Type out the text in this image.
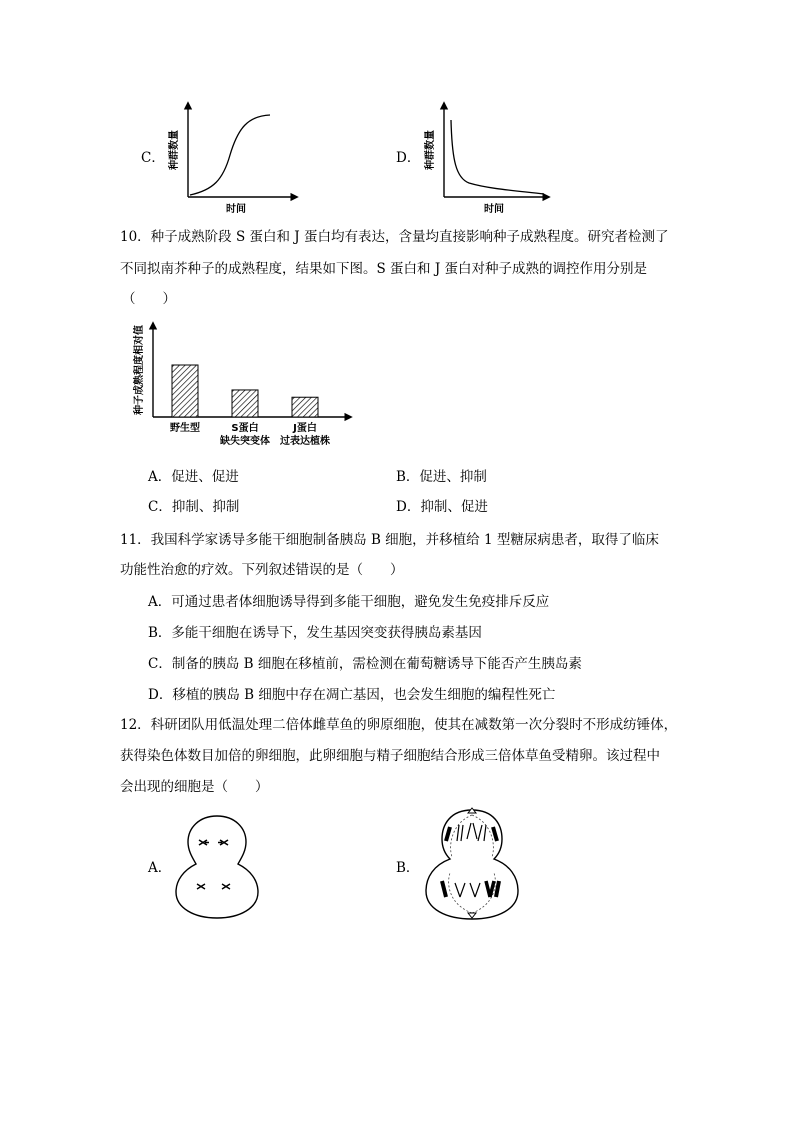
C． 种群数量
时间
D． 种群数量
时间
10．种子成熟阶段 S 蛋白和 J 蛋白均有表达，含量均直接影响种子成熟程度。研究者检测了
不同拟南芥种子的成熟程度，结果如下图。S 蛋白和 J 蛋白对种子成熟的调控作用分别是
（　　）
种子成熟程度相对值
野生型	S蛋白
缺失突变体
J蛋白
过表达植株
A．促进、促进	B．促进、抑制
C．抑制、抑制	D．抑制、促进
11．我国科学家诱导多能干细胞制备胰岛 B 细胞，并移植给 1 型糖尿病患者，取得了临床
功能性治愈的疗效。下列叙述错误的是（　　）
A．可通过患者体细胞诱导得到多能干细胞，避免发生免疫排斥反应
B．多能干细胞在诱导下，发生基因突变获得胰岛素基因
C．制备的胰岛 B 细胞在移植前，需检测在葡萄糖诱导下能否产生胰岛素
D．移植的胰岛 B 细胞中存在凋亡基因，也会发生细胞的编程性死亡
12．科研团队用低温处理二倍体雌草鱼的卵原细胞，使其在减数第一次分裂时不形成纺锤体，
获得染色体数目加倍的卵细胞，此卵细胞与精子细胞结合形成三倍体草鱼受精卵。该过程中
会出现的细胞是（　　）
A．	B．
